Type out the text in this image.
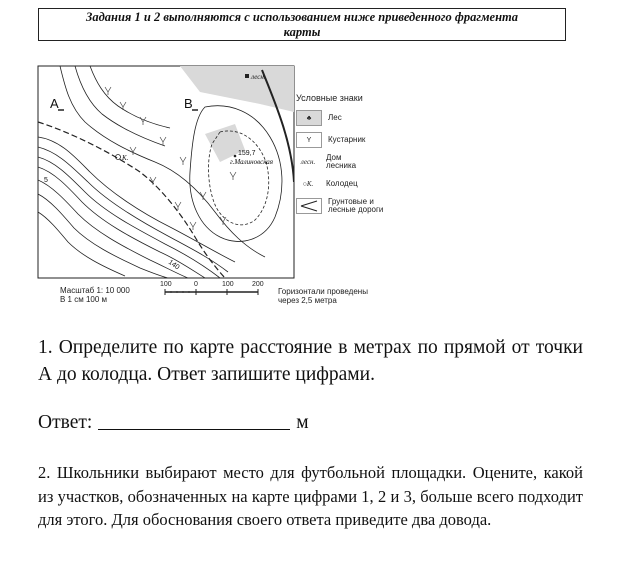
Задания 1 и 2 выполняются с использованием ниже приведенного фрагмента
карты
А	В
лесн.
К.
159,7
г.Малиновская
140
5
100	0	100	200
Условные знаки
♣	Лес
Υ	Кустарник
лесн. Дом
лесника
○ К. Колодец
Грунтовые и
лесные дороги
Масштаб 1: 10 000
В 1 см 100 м
Горизонтали проведены
через 2,5 метра
1. Определите по карте расстояние в метрах по прямой от точки А до колодца. Ответ запишите цифрами.
Ответ:	м
2. Школьники выбирают место для футбольной площадки. Оцените, какой из участков, обозначенных на карте цифрами 1, 2 и 3, больше всего подходит для этого. Для обоснования своего ответа приведите два довода.
